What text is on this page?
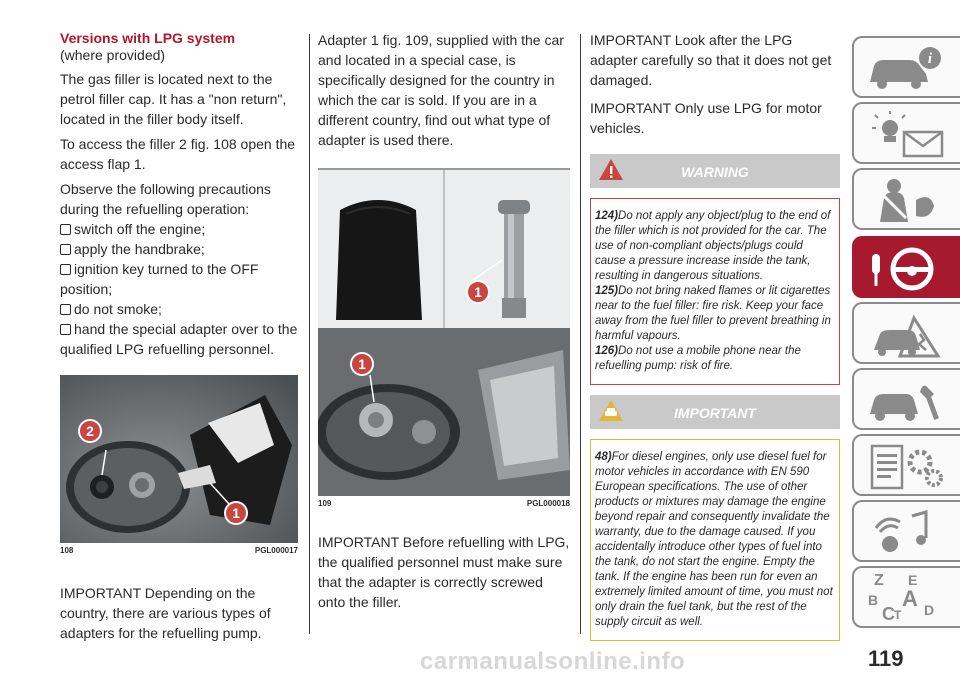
Versions with LPG system
(where provided)
The gas filler is located next to the petrol filler cap. It has a "non return", located in the filler body itself.
To access the filler 2 fig. 108 open the access flap 1.
Observe the following precautions during the refuelling operation:
switch off the engine;
apply the handbrake;
ignition key turned to the OFF
position;
do not smoke;
hand the special adapter over to the
qualified LPG refuelling personnel.
2
1
108	PGL000017
IMPORTANT Depending on the country, there are various types of adapters for the refuelling pump.
Adapter 1 fig. 109, supplied with the car and located in a special case, is specifically designed for the country in which the car is sold. If you are in a different country, find out what type of adapter is used there.
1
1
109	PGL000018
IMPORTANT Before refuelling with LPG, the qualified personnel must make sure that the adapter is correctly screwed onto the filler.
IMPORTANT Look after the LPG adapter carefully so that it does not get damaged.
IMPORTANT Only use LPG for motor vehicles.
WARNING
124)Do not apply any object/plug to the end of the filler which is not provided for the car. The use of non-compliant objects/plugs could cause a pressure increase inside the tank, resulting in dangerous situations.
125)Do not bring naked flames or lit cigarettes near to the fuel filler: fire risk. Keep your face away from the fuel filler to prevent breathing in harmful vapours.
126)Do not use a mobile phone near the refuelling pump: risk of fire.
IMPORTANT
48)For diesel engines, only use diesel fuel for motor vehicles in accordance with EN 590 European specifications. The use of other products or mixtures may damage the engine beyond repair and consequently invalidate the warranty, due to the damage caused. If you accidentally introduce other types of fuel into the tank, do not start the engine. Empty the tank. If the engine has been run for even an extremely limited amount of time, you must not only drain the fuel tank, but the rest of the supply circuit as well.
i
Z E
A
B
C T D
119
carmanualsonline.info
